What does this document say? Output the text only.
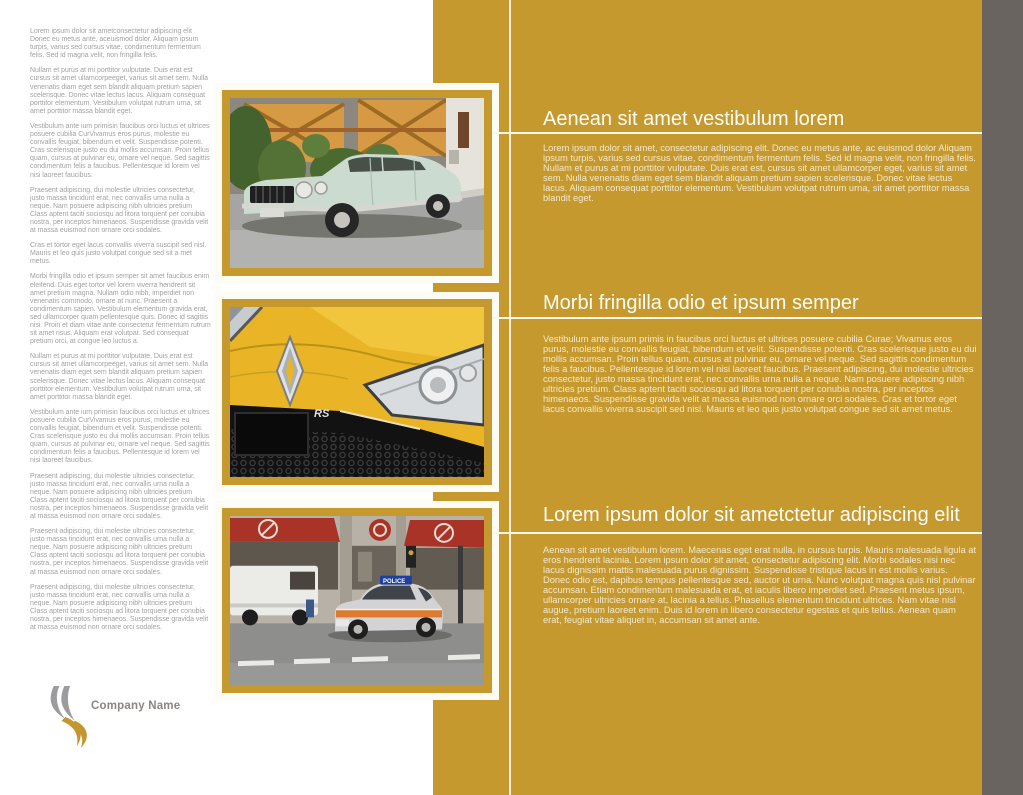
Lorem ipsum dolor sit ametconsectetur adipiscing elit Donec eu metus ante, aceuismod dolor. Aliquam ipsum turpis, varius sed cursus vitae, condimentum fermentum felis. Sed id magna velit, non fringilla felis.

Nullam et purus at mi porttitor vulputate. Duis erat est cursus sit amet ullamcorpeeget, varius sit amet sem. Nulla venenatis diam eget sem blandit aliquam pretium sapien scelerisque. Donec vitae lectus lacus. Aliquam consequat porttitor elementum. Vestibulum volutpat rutrum urna, sit amet porttitor massa blandit eget.

Vestibulum ante ium primisin faucibus orci luctus et ultrices posuere cubilia CurVivamus eros purus, molestie eu convallis feugiat, bibendum et velit. Suspendisse potenti. Cras scelerisque justo eu dui mollis accumsan. Proin tellus quam, cursus at pulvinar eu, ornare vel neque. Sed sagittis condimentum felis a faucibus. Pellentesque id lorem vel nisi laoreet faucibus.

Praesent adipiscing, dui molestie ultricies consectetur, justo massa tincidunt erat, nec convallis urna nulla a neque. Nam posuere adipiscing nibh ultricies pretium Class aptent taciti sociosqu ad litora torquent per conubia nostra, per inceptos himenaeos. Suspendisse gravida velit at massa euismod non ornare orci sodales.

Cras et tortor eget lacus convallis viverra suscipit sed nisl. Mauris et leo quis justo volutpat congue sed sit a met metus.

Morbi fringilla odio et ipsum semper sit amet faucibus enim eleifend. Duis eget tortor vel lorem viverra hendrerit sit amet pretium magna. Nullam odio nibh, imperdiet non venenatis commodo, ornare at nunc. Praesent a condimentum sapien. Vestibulum elementum gravida erat, sed ullamcorper quam pellentesque quis. Donec id sagittis nisi. Proin et diam vitae ante consectetur fermentum rutrum sit amet risus. Aliquam erat volutpat. Sed consequat pretium orci, at congue leo luctus a.

Nullam et purus at mi porttitor vulputate. Duis erat est cursus sit amet ullamcorpeeget, varius sit amet sem. Nulla venenatis diam eget sem blandit aliquam pretium sapien scelerisque. Donec vitae lectus lacus. Aliquam consequat porttitor elementum. Vestibulum volutpat rutrum urna, sit amet porttitor massa blandit eget.

Vestibulum ante ium primisin faucibus orci luctus et ultrices posuere cubilia CurVivamus eros purus, molestie eu convallis feugiat, bibendum et velit. Suspendisse potenti. Cras scelerisque justo eu dui mollis accumsan. Proin tellus quam, cursus at pulvinar eu, ornare vel neque. Sed sagittis condimentum felis a faucibus. Pellentesque id lorem vel nisi laoreet faucibus.

Praesent adipiscing, dui molestie ultricies consectetur, justo massa tincidunt erat, nec convallis urna nulla a neque. Nam posuere adipiscing nibh ultricies pretium Class aptent taciti sociosqu ad litora torquent per conubia nostra, per inceptos himenaeos. Suspendisse gravida velit at massa euismod non ornare orci sodales.

Praesent adipiscing, dui molestie ultricies consectetur, justo massa tincidunt erat, nec convallis urna nulla a neque. Nam posuere adipiscing nibh ultricies pretium Class aptent taciti sociosqu ad litora torquent per conubia nostra, per inceptos himenaeos. Suspendisse gravida velit at massa euismod non ornare orci sodales.

Praesent adipiscing, dui molestie ultricies consectetur, justo massa tincidunt erat, nec convallis urna nulla a neque. Nam posuere adipiscing nibh ultricies pretium Class aptent taciti sociosqu ad litora torquent per conubia nostra, per inceptos himenaeos. Suspendisse gravida velit at massa euismod non ornare orci sodales.

RS
POLICE
Aenean sit amet vestibulum lorem

Lorem ipsum dolor sit amet, consectetur adipiscing elit. Donec eu metus ante, ac euismod dolor Aliquam ipsum turpis, varius sed cursus vitae, condimentum fermentum felis. Sed id magna velit, non fringilla felis. Nullam et purus at mi porttitor vulputate. Duis erat est, cursus sit amet ullamcorper eget, varius sit amet sem. Nulla venenatis diam eget sem blandit aliquam pretium sapien scelerisque. Donec vitae lectus lacus. Aliquam consequat porttitor elementum. Vestibulum volutpat rutrum urna, sit amet porttitor massa blandit eget.

Morbi fringilla odio et ipsum semper

Vestibulum ante ipsum primis in faucibus orci luctus et ultrices posuere cubilia Curae; Vivamus eros purus, molestie eu convallis feugiat, bibendum et velit. Suspendisse potenti. Cras scelerisque justo eu dui mollis accumsan. Proin tellus quam, cursus at pulvinar eu, ornare vel neque. Sed sagittis condimentum felis a faucibus. Pellentesque id lorem vel nisi laoreet faucibus. Praesent adipiscing, dui molestie ultricies consectetur, justo massa tincidunt erat, nec convallis urna nulla a neque. Nam posuere adipiscing nibh ultricies pretium. Class aptent taciti sociosqu ad litora torquent per conubia nostra, per inceptos himenaeos. Suspendisse gravida velit at massa euismod non ornare orci sodales. Cras et tortor eget lacus convallis viverra suscipit sed nisl. Mauris et leo quis justo volutpat congue sed sit amet metus.

Lorem ipsum dolor sit ametctetur adipiscing elit

Aenean sit amet vestibulum lorem. Maecenas eget erat nulla, in cursus turpis. Mauris malesuada ligula at eros hendrerit lacinia. Lorem ipsum dolor sit amet, consectetur adipiscing elit. Morbi sodales nisi nec lacus dignissim mattis malesuada purus dignissim. Suspendisse tristique lacus in est mollis varius. Donec odio est, dapibus tempus pellentesque sed, auctor ut urna. Nunc volutpat magna quis nisl pulvinar accumsan. Etiam condimentum malesuada erat, et iaculis libero imperdiet sed. Praesent metus ipsum, ullamcorper ultricies ornare at, lacinia a tellus. Phasellus elementum tincidunt ultrices. Nam vitae nisl augue, pretium laoreet enim. Duis id lorem in libero consectetur egestas et quis tellus. Aenean quam erat, feugiat vitae aliquet in, accumsan sit amet ante.

Company Name
